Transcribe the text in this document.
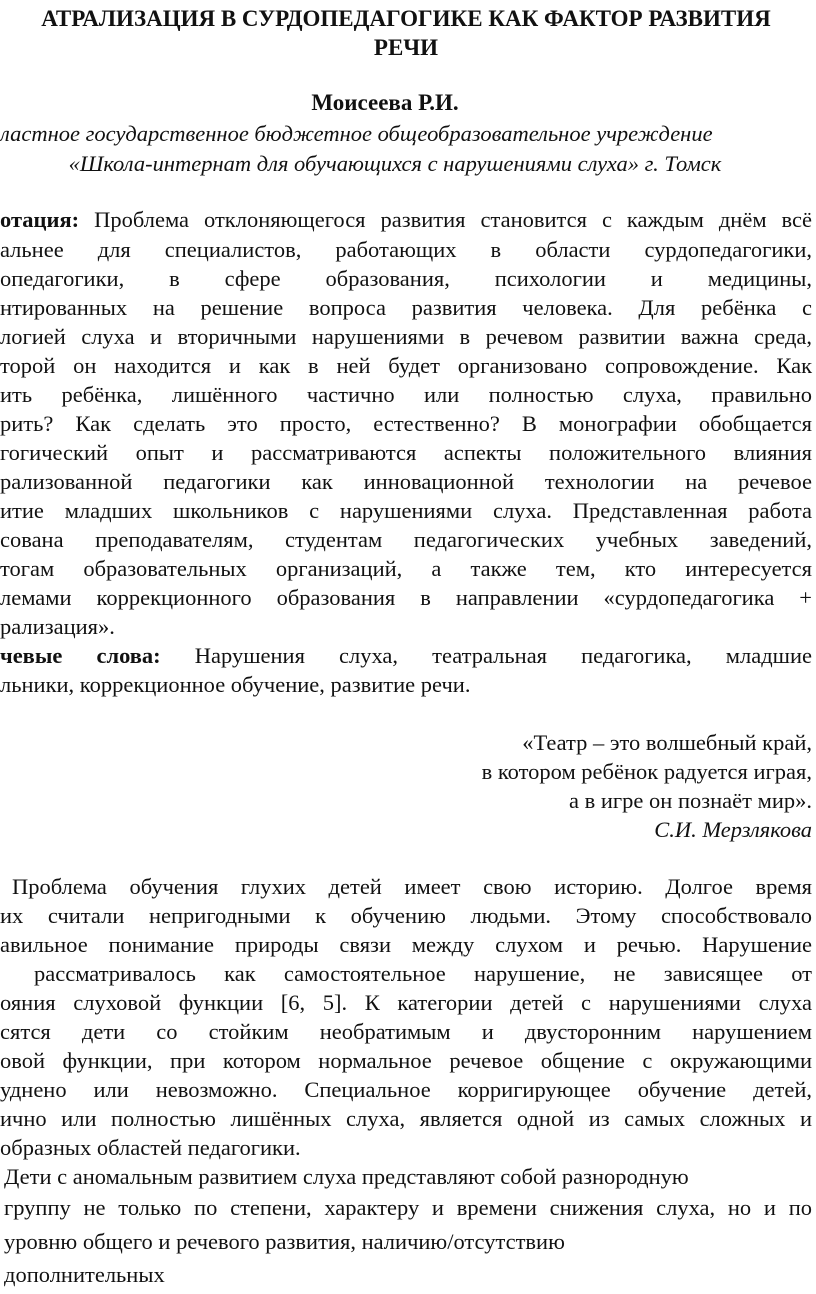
АТРАЛИЗАЦИЯ В СУРДОПЕДАГОГИКЕ КАК ФАКТОР РАЗВИТИЯ
РЕЧИ
Моисеева Р.И.
ластное государственное бюджетное общеобразовательное учреждение
«Школа-интернат для обучающихся с нарушениями слуха» г. Томск
отация: Проблема отклоняющегося развития становится с каждым днём всё
альнее для специалистов, работающих в области сурдопедагогики,
опедагогики, в сфере образования, психологии и медицины,
нтированных на решение вопроса развития человека. Для ребёнка с
логией слуха и вторичными нарушениями в речевом развитии важна среда,
торой он находится и как в ней будет организовано сопровождение. Как
ить ребёнка, лишённого частично или полностью слуха, правильно
рить? Как сделать это просто, естественно? В монографии обобщается
гогический опыт и рассматриваются аспекты положительного влияния
рализованной педагогики как инновационной технологии на речевое
итие младших школьников с нарушениями слуха. Представленная работа
сована преподавателям, студентам педагогических учебных заведений,
тогам образовательных организаций, а также тем, кто интересуется
лемами коррекционного образования в направлении «сурдопедагогика +
рализация».
чевые слова: Нарушения слуха, театральная педагогика, младшие
льники, коррекционное обучение, развитие речи.
«Театр – это волшебный край,
в котором ребёнок радуется играя,
а в игре он познаёт мир».
С.И. Мерзлякова
Проблема обучения глухих детей имеет свою историю. Долгое время
их считали непригодными к обучению людьми. Этому способствовало
авильное понимание природы связи между слухом и речью. Нарушение
рассматривалось как самостоятельное нарушение, не зависящее от
ояния слуховой функции [6, 5]. К категории детей с нарушениями слуха
сятся дети со стойким необратимым и двусторонним нарушением
овой функции, при котором нормальное речевое общение с окружающими
уднено или невозможно. Специальное корригирующее обучение детей,
ично или полностью лишённых слуха, является одной из самых сложных и
образных областей педагогики.
Дети с аномальным развитием слуха представляют собой разнородную
группу не только по степени, характеру и времени снижения слуха, но и по
уровню общего и речевого развития, наличию/отсутствию
дополнительных
